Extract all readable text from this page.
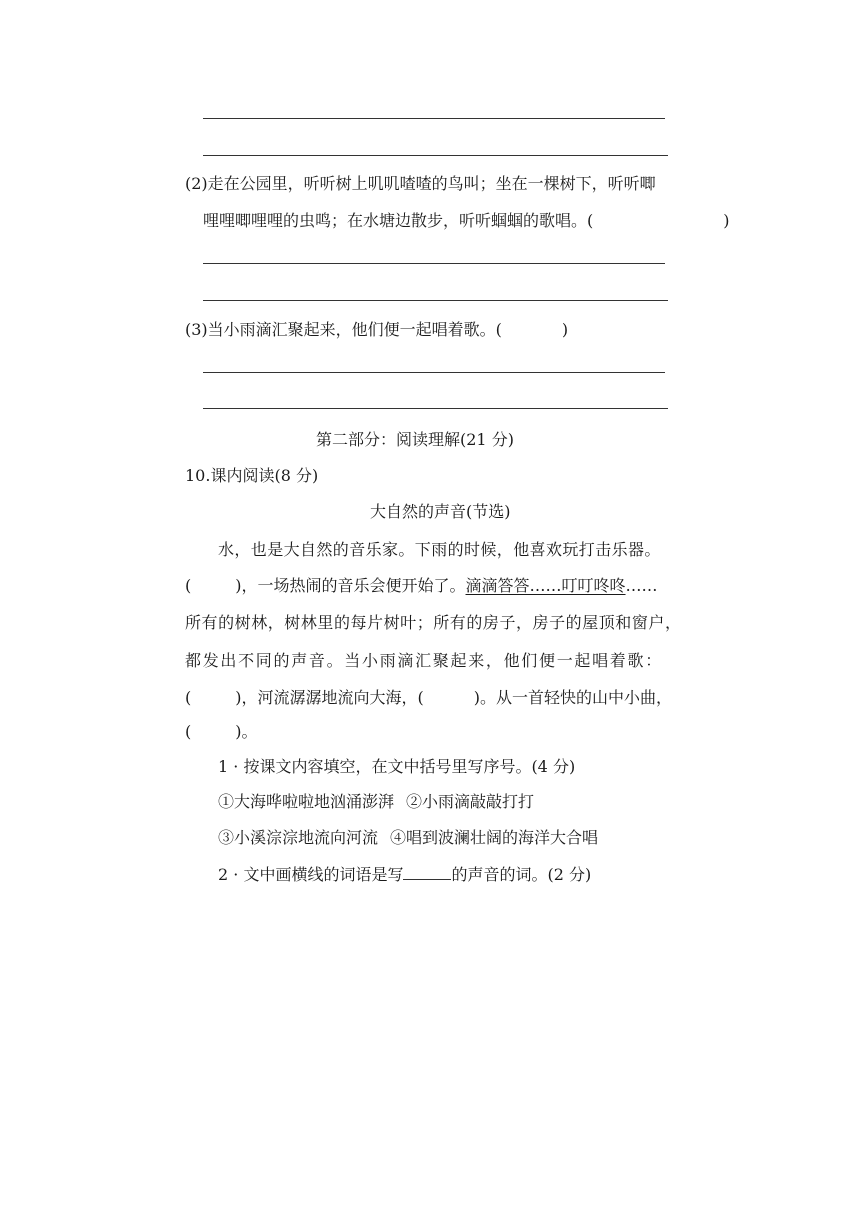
(2)走在公园里，听听树上叽叽喳喳的鸟叫；坐在一棵树下，听听唧
哩哩唧哩哩的虫鸣；在水塘边散步，听听蝈蝈的歌唱。(	)
(3)当小雨滴汇聚起来，他们便一起唱着歌。(	)
第二部分：阅读理解(21 分)
10.课内阅读(8 分)
大自然的声音(节选)
水，也是大自然的音乐家。下雨的时候，他喜欢玩打击乐器。
(	)，一场热闹的音乐会便开始了。滴滴答答……叮叮咚咚……
所有的树林，树林里的每片树叶；所有的房子，房子的屋顶和窗户，
都发出不同的声音。当小雨滴汇聚起来，他们便一起唱着歌：
(	)，河流潺潺地流向大海，(	)。从一首轻快的山中小曲，
(	)。
1 · 按课文内容填空，在文中括号里写序号。(4 分)
①大海哗啦啦地汹涌澎湃 ②小雨滴敲敲打打
③小溪淙淙地流向河流 ④唱到波澜壮阔的海洋大合唱
2 · 文中画横线的词语是写	的声音的词。(2 分)
